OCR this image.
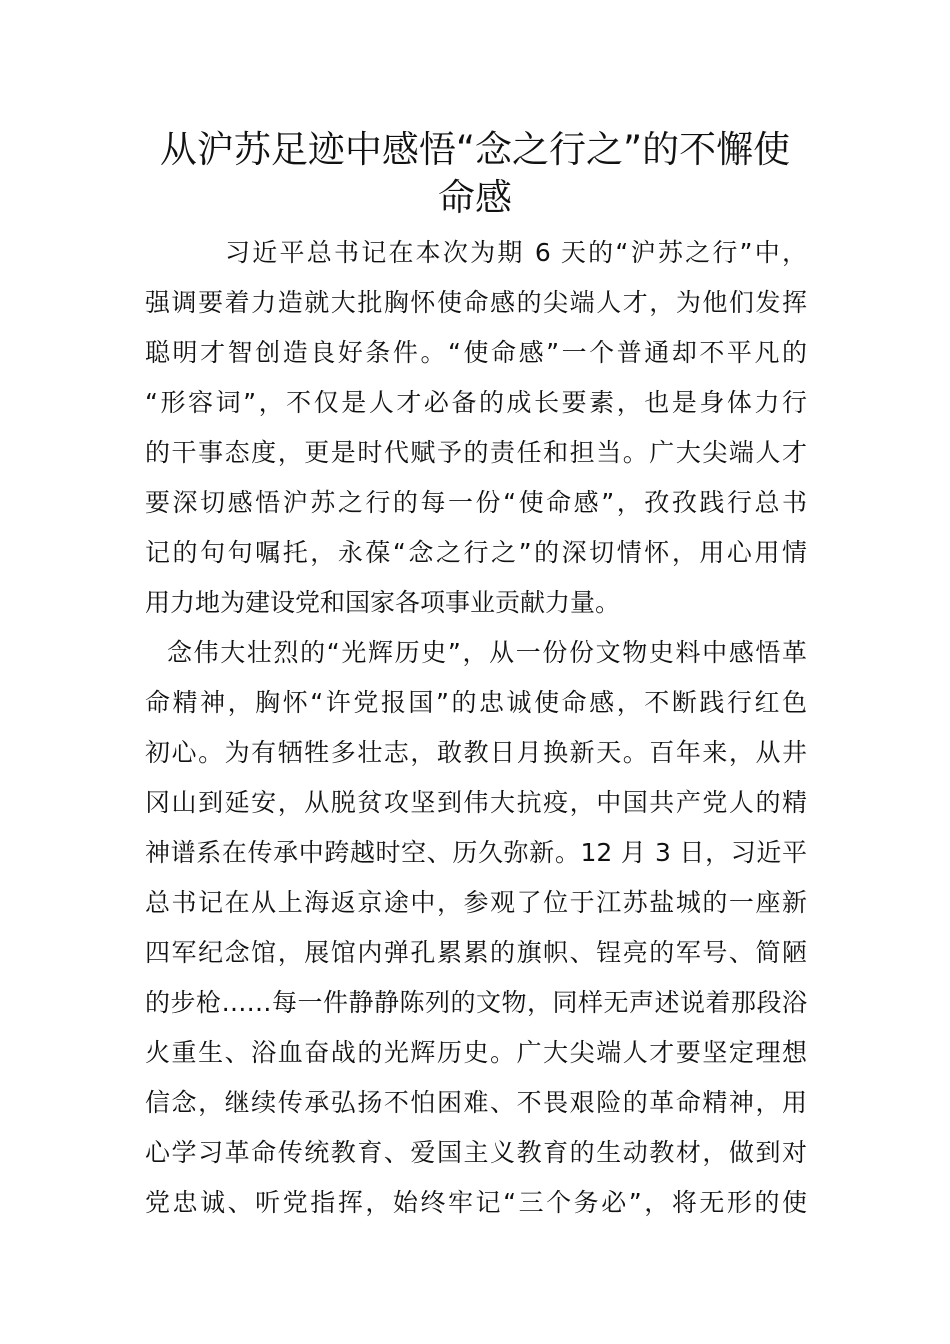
从沪苏足迹中感悟“念之行之”的不懈使
命感
习近平总书记在本次为期 6 天的“沪苏之行”中，
强调要着力造就大批胸怀使命感的尖端人才，为他们发挥
聪明才智创造良好条件。“使命感”一个普通却不平凡的
“形容词”，不仅是人才必备的成长要素，也是身体力行
的干事态度，更是时代赋予的责任和担当。广大尖端人才
要深切感悟沪苏之行的每一份“使命感”，孜孜践行总书
记的句句嘱托，永葆“念之行之”的深切情怀，用心用情
用力地为建设党和国家各项事业贡献力量。
念伟大壮烈的“光辉历史”，从一份份文物史料中感悟革
命精神，胸怀“许党报国”的忠诚使命感，不断践行红色
初心。为有牺牲多壮志，敢教日月换新天。百年来，从井
冈山到延安，从脱贫攻坚到伟大抗疫，中国共产党人的精
神谱系在传承中跨越时空、历久弥新。12 月 3 日，习近平
总书记在从上海返京途中，参观了位于江苏盐城的一座新
四军纪念馆，展馆内弹孔累累的旗帜、锃亮的军号、简陋
的步枪……每一件静静陈列的文物，同样无声述说着那段浴
火重生、浴血奋战的光辉历史。广大尖端人才要坚定理想
信念，继续传承弘扬不怕困难、不畏艰险的革命精神，用
心学习革命传统教育、爱国主义教育的生动教材，做到对
党忠诚、听党指挥，始终牢记“三个务必”，将无形的使
